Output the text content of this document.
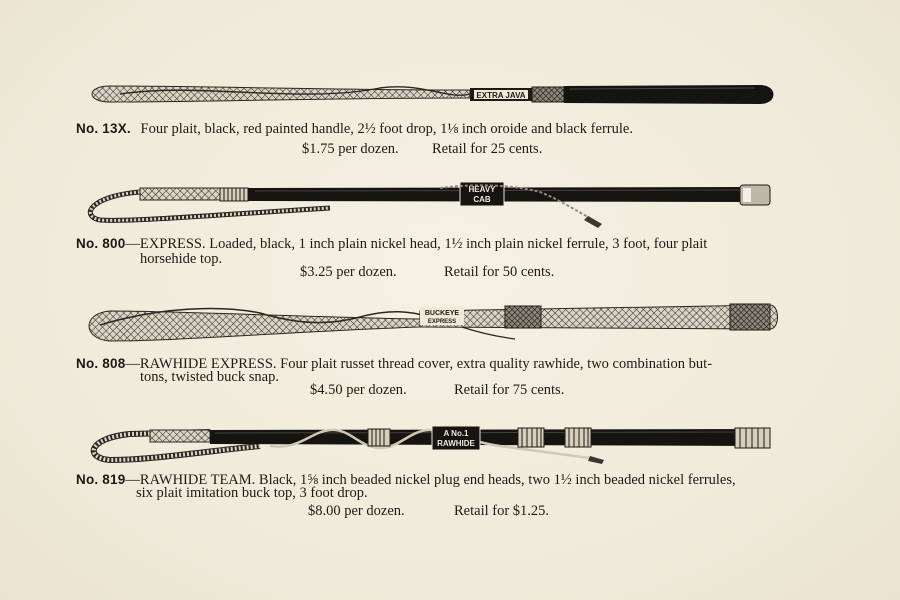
EXTRA JAVA
No. 13X. Four plait, black, red painted handle, 2½ foot drop, 1⅛ inch oroide and black ferrule.
$1.75 per dozen. Retail for 25 cents.
HEAVY
CAB
No. 800—EXPRESS. Loaded, black, 1 inch plain nickel head, 1½ inch plain nickel ferrule, 3 foot, four plait
horsehide top.
$3.25 per dozen.	Retail for 50 cents.
BUCKEYE
EXPRESS
No. 808—RAWHIDE EXPRESS. Four plait russet thread cover, extra quality rawhide, two combination but-
tons, twisted buck snap.
$4.50 per dozen.	Retail for 75 cents.
A No.1
RAWHIDE
No. 819—RAWHIDE TEAM. Black, 1⅝ inch beaded nickel plug end heads, two 1½ inch beaded nickel ferrules,
six plait imitation buck top, 3 foot drop.
$8.00 per dozen.	Retail for $1.25.
